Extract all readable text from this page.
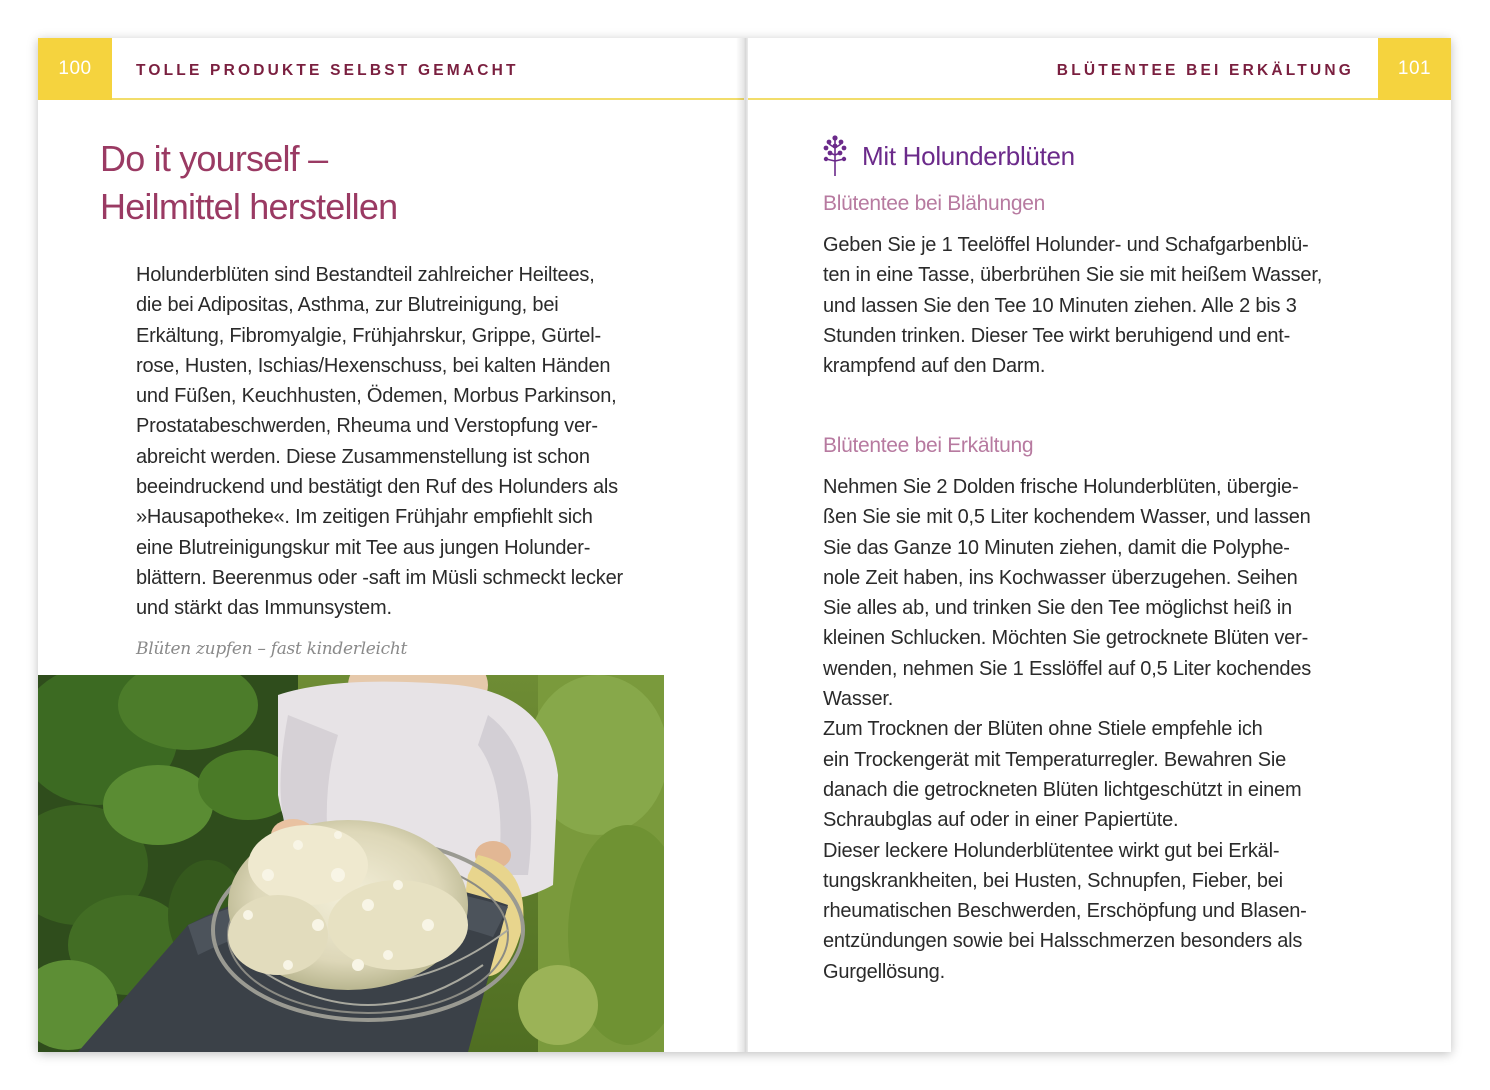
100	TOLLE PRODUKTE SELBST GEMACHT
Do it yourself –
Heilmittel herstellen
Holunderblüten sind Bestandteil zahlreicher Heiltees,
die bei Adipositas, Asthma, zur Blutreinigung, bei
Erkältung, Fibromyalgie, Frühjahrskur, Grippe, Gürtel-
rose, Husten, Ischias/Hexenschuss, bei kalten Händen
und Füßen, Keuchhusten, Ödemen, Morbus Parkinson,
Prostatabeschwerden, Rheuma und Verstopfung ver-
abreicht werden. Diese Zusammenstellung ist schon
beeindruckend und bestätigt den Ruf des Holunders als
»Hausapotheke«. Im zeitigen Frühjahr empfiehlt sich
eine Blutreinigungskur mit Tee aus jungen Holunder-
blättern. Beerenmus oder -saft im Müsli schmeckt lecker
und stärkt das Immunsystem.
Blüten zupfen – fast kinderleicht
BLÜTENTEE BEI ERKÄLTUNG	101
Mit Holunderblüten
Blütentee bei Blähungen
Geben Sie je 1 Teelöffel Holunder- und Schafgarbenblü-
ten in eine Tasse, überbrühen Sie sie mit heißem Wasser,
und lassen Sie den Tee 10 Minuten ziehen. Alle 2 bis 3
Stunden trinken. Dieser Tee wirkt beruhigend und ent-
krampfend auf den Darm.
Blütentee bei Erkältung
Nehmen Sie 2 Dolden frische Holunderblüten, übergie-
ßen Sie sie mit 0,5 Liter kochendem Wasser, und lassen
Sie das Ganze 10 Minuten ziehen, damit die Polyphe-
nole Zeit haben, ins Kochwasser überzugehen. Seihen
Sie alles ab, und trinken Sie den Tee möglichst heiß in
kleinen Schlucken. Möchten Sie getrocknete Blüten ver-
wenden, nehmen Sie 1 Esslöffel auf 0,5 Liter kochendes
Wasser.
Zum Trocknen der Blüten ohne Stiele empfehle ich
ein Trockengerät mit Temperaturregler. Bewahren Sie
danach die getrockneten Blüten lichtgeschützt in einem
Schraubglas auf oder in einer Papiertüte.
Dieser leckere Holunderblütentee wirkt gut bei Erkäl-
tungskrankheiten, bei Husten, Schnupfen, Fieber, bei
rheumatischen Beschwerden, Erschöpfung und Blasen-
entzündungen sowie bei Halsschmerzen besonders als
Gurgellösung.
